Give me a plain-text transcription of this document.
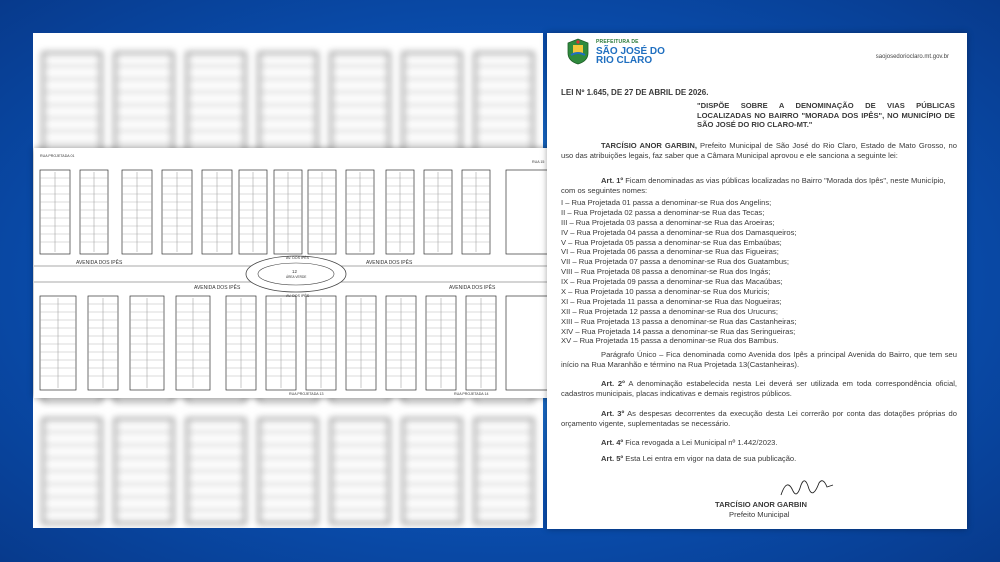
RUA PROJETADA 01
RUA 15
AVENIDA DOS IPÊS	AVENIDA DOS IPÊS
AVENIDA DOS IPÊS	AVENIDA DOS IPÊS
AV. DOS IPÊS
12
ÁREA VERDE
AV. DOS IPÊS
RUA PROJETADA 13	RUA PROJETADA 14
PREFEITURA DE
SÃO JOSÉ DO
RIO CLARO	saojosedorioclaro.mt.gov.br
LEI Nº 1.645, DE 27 DE ABRIL DE 2026.
"DISPÕE SOBRE A DENOMINAÇÃO DE VIAS PÚBLICAS LOCALIZADAS NO BAIRRO "MORADA DOS IPÊS", NO MUNICÍPIO DE SÃO JOSÉ DO RIO CLARO-MT."
TARCÍSIO ANOR GARBIN, Prefeito Municipal de São José do Rio Claro, Estado de Mato Grosso, no uso das atribuições legais, faz saber que a Câmara Municipal aprovou e ele sanciona a seguinte lei:
Art. 1º Ficam denominadas as vias públicas localizadas no Bairro "Morada dos Ipês", neste Município, com os seguintes nomes:
I – Rua Projetada 01 passa a denominar-se Rua dos Angelins;
II – Rua Projetada 02 passa a denominar-se Rua das Tecas;
III – Rua Projetada 03 passa a denominar-se Rua das Aroeiras;
IV – Rua Projetada 04 passa a denominar-se Rua dos Damasqueiros;
V – Rua Projetada 05 passa a denominar-se Rua das Embaúbas;
VI – Rua Projetada 06 passa a denominar-se Rua das Figueiras;
VII – Rua Projetada 07 passa a denominar-se Rua dos Guatambus;
VIII – Rua Projetada 08 passa a denominar-se Rua dos Ingás;
IX – Rua Projetada 09 passa a denominar-se Rua das Macaúbas;
X – Rua Projetada 10 passa a denominar-se Rua dos Muricis;
XI – Rua Projetada 11 passa a denominar-se Rua das Nogueiras;
XII – Rua Projetada 12 passa a denominar-se Rua dos Urucuns;
XIII – Rua Projetada 13 passa a denominar-se Rua das Castanheiras;
XIV – Rua Projetada 14 passa a denominar-se Rua das Seringueiras;
XV – Rua Projetada 15 passa a denominar-se Rua dos Bambus.
Parágrafo Único – Fica denominada como Avenida dos Ipês a principal Avenida do Bairro, que tem seu início na Rua Maranhão e término na Rua Projetada 13(Castanheiras).
Art. 2º A denominação estabelecida nesta Lei deverá ser utilizada em toda correspondência oficial, cadastros municipais, placas indicativas e demais registros públicos.
Art. 3º As despesas decorrentes da execução desta Lei correrão por conta das dotações próprias do orçamento vigente, suplementadas se necessário.
Art. 4º Fica revogada a Lei Municipal nº 1.442/2023.
Art. 5º Esta Lei entra em vigor na data de sua publicação.
TARCÍSIO ANOR GARBIN
Prefeito Municipal
